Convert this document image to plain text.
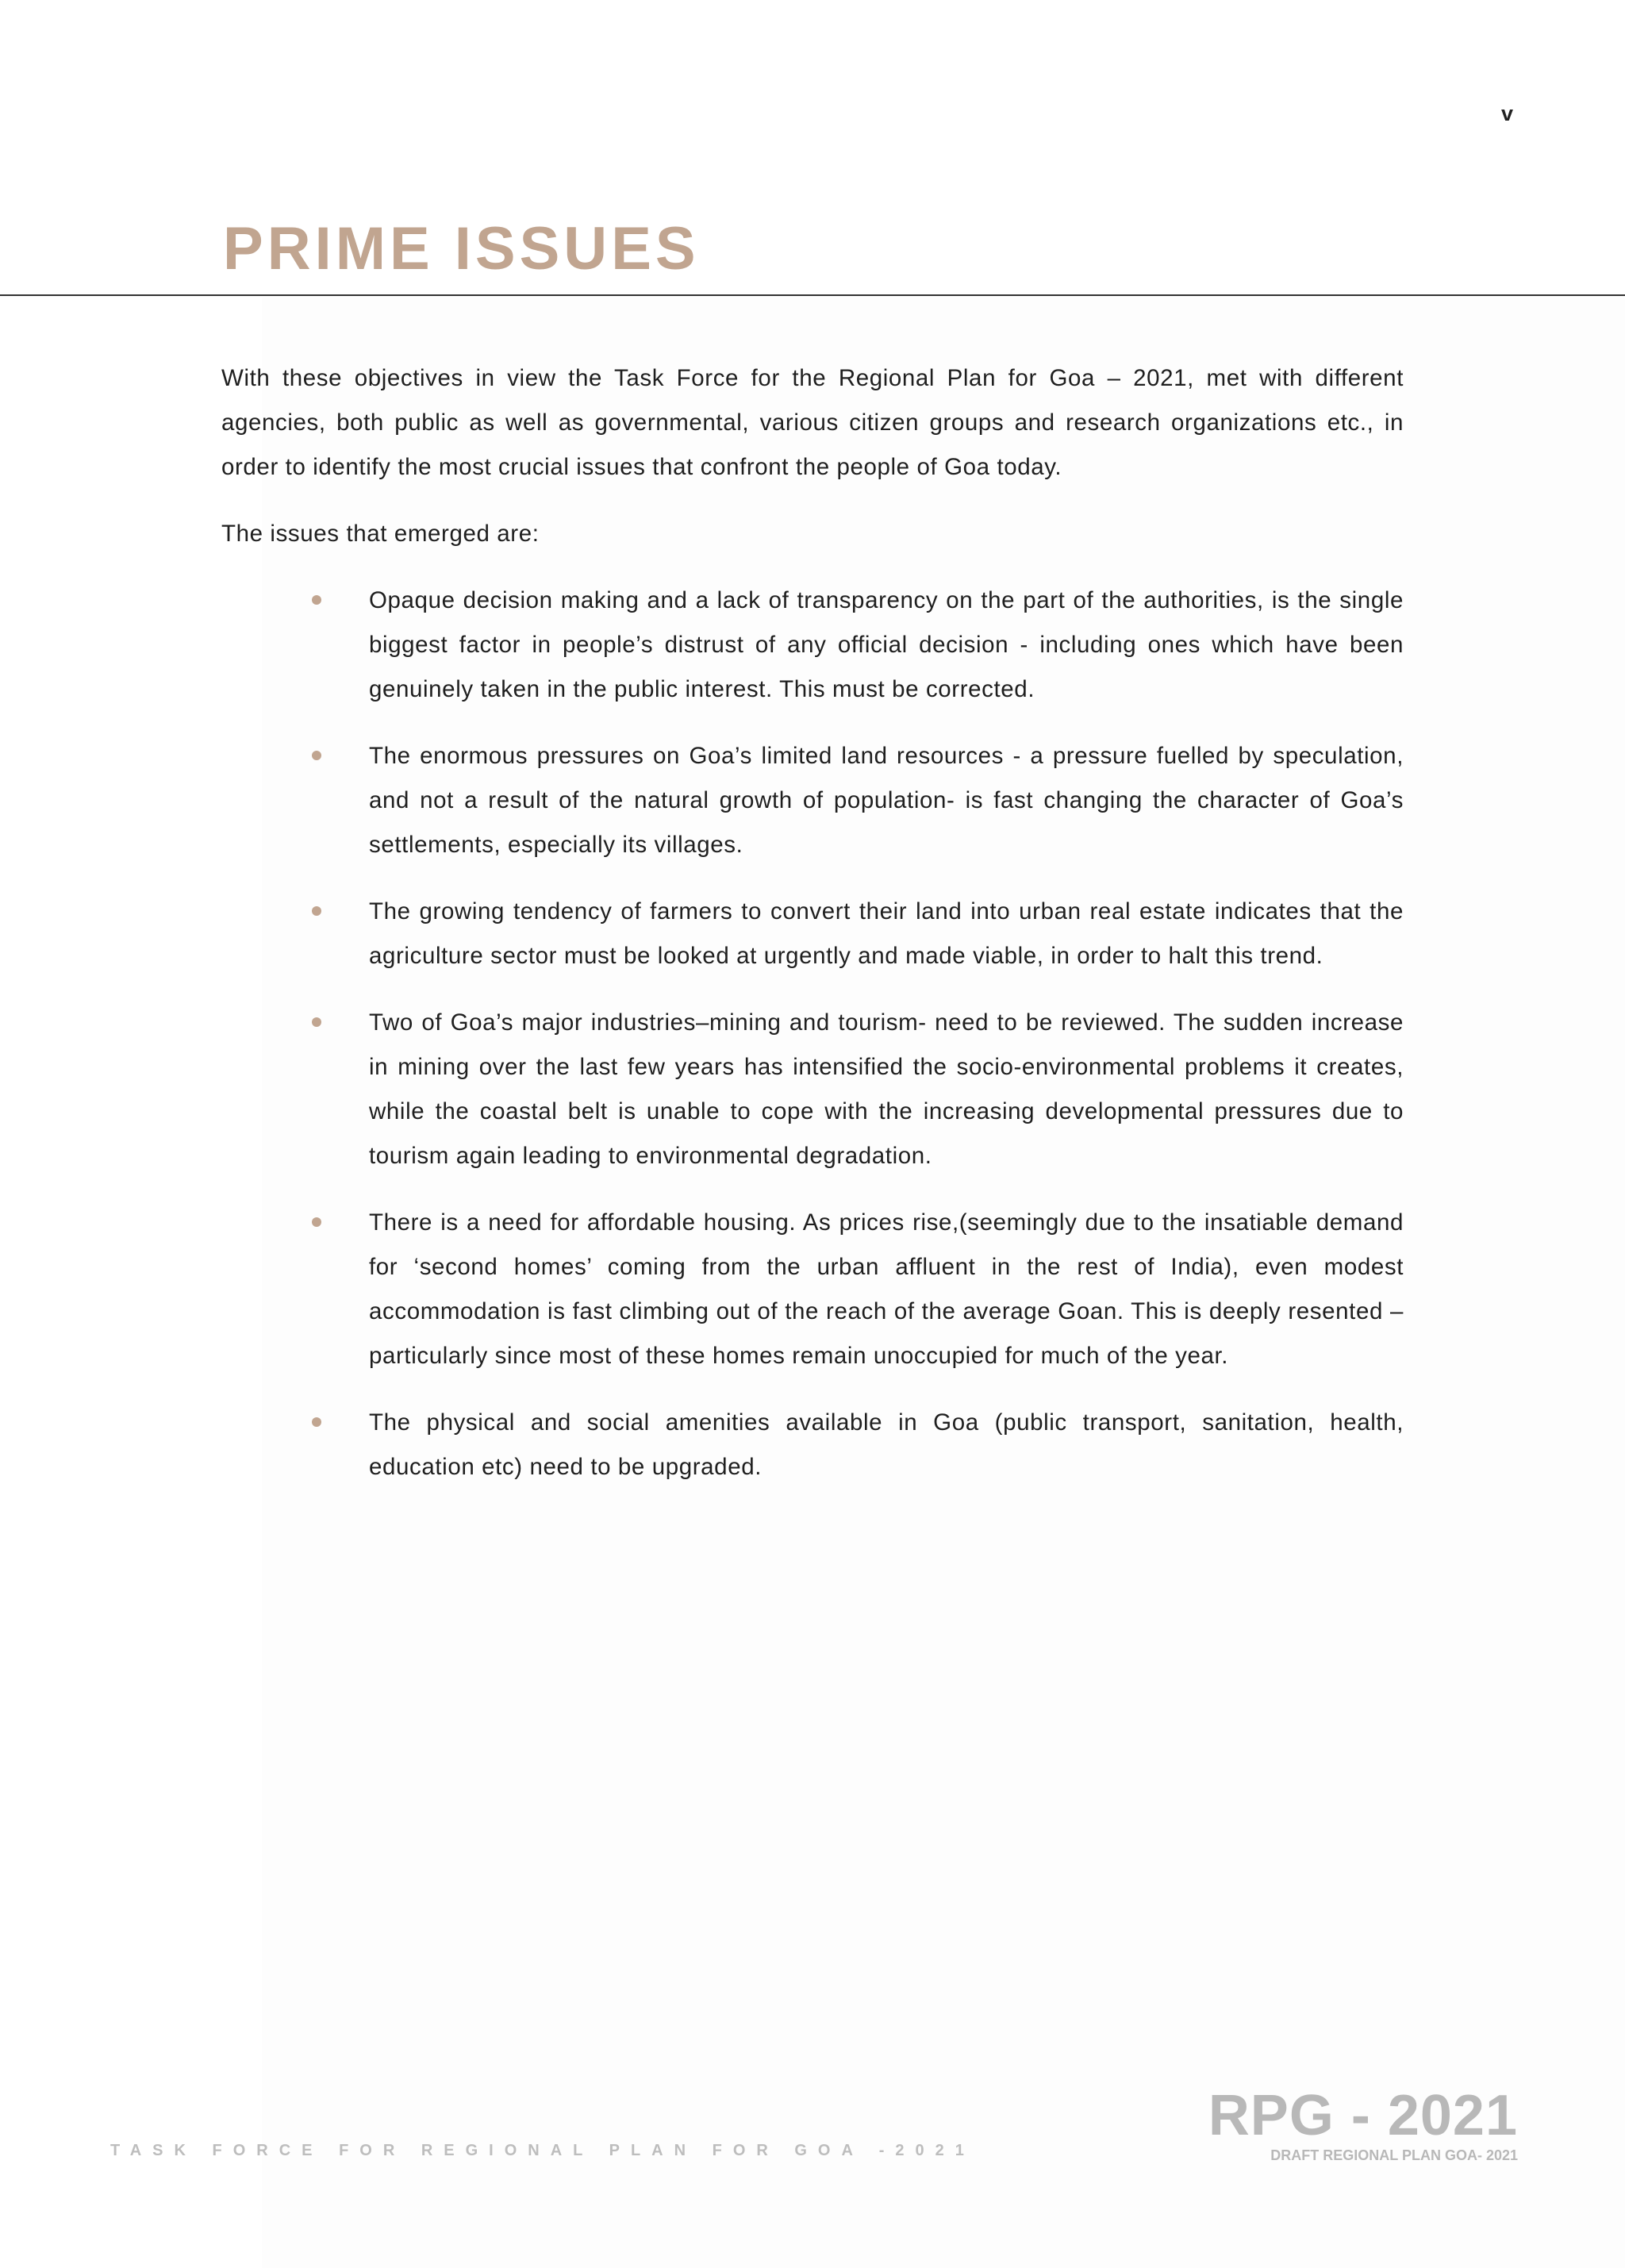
v
PRIME ISSUES

With these objectives in view the Task Force for the Regional Plan for Goa – 2021, met with different agencies, both public as well as governmental, various citizen groups and research organizations etc., in order to identify the most crucial issues that confront the people of Goa today.

The issues that emerged are:

Opaque decision making and a lack of transparency on the part of the authorities, is the single biggest factor in people’s distrust of any official decision - including ones which have been genuinely taken in the public interest. This must be corrected.
The enormous pressures on Goa’s limited land resources - a pressure fuelled by speculation, and not a result of the natural growth of population- is fast changing the character of Goa’s settlements, especially its villages.
The growing tendency of farmers to convert their land into urban real estate indicates that the agriculture sector must be looked at urgently and made viable, in order to halt this trend.
Two of Goa’s major industries–mining and tourism- need to be reviewed. The sudden increase in mining over the last few years has intensified the socio-environmental problems it creates, while the coastal belt is unable to cope with the increasing developmental pressures due to tourism again leading to environmental degradation.
There is a need for affordable housing. As prices rise,(seemingly due to the insatiable demand for ‘second homes’ coming from the urban affluent in the rest of India), even modest accommodation is fast climbing out of the reach of the average Goan. This is deeply resented – particularly since most of these homes remain unoccupied for much of the year.
The physical and social amenities available in Goa (public transport, sanitation, health, education etc) need to be upgraded.
TASK FORCE FOR REGIONAL PLAN FOR GOA -2021
RPG - 2021
DRAFT REGIONAL PLAN GOA- 2021
